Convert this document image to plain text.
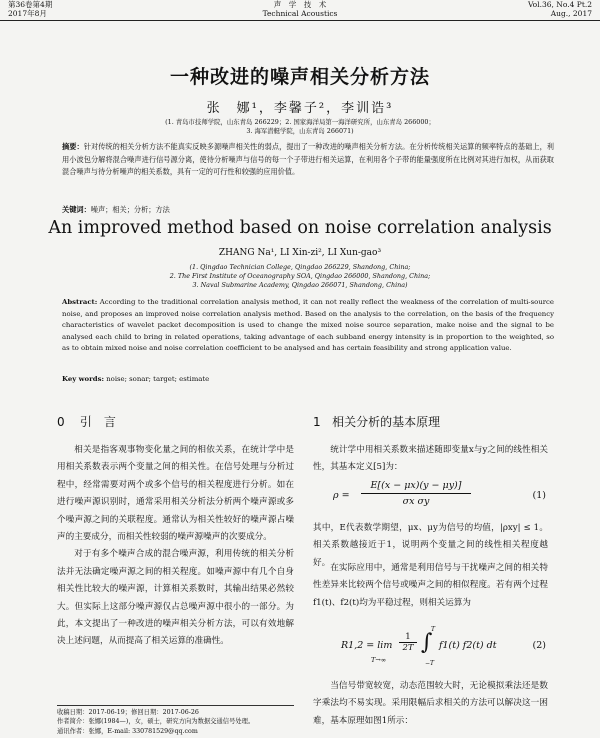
第36卷第4期
2017年8月
声　学　技　术
Technical Acoustics
Vol.36, No.4 Pt.2
Aug., 2017
一种改进的噪声相关分析方法
张　娜¹，李馨子²，李训诰³
(1. 青岛市技师学院，山东青岛 266229；2. 国家海洋局第一海洋研究所，山东青岛 266000；
3. 海军潜艇学院，山东青岛 266071)
摘要：针对传统的相关分析方法不能真实反映多源噪声相关性的弱点，提出了一种改进的噪声相关分析方法。在分析传统相关运算的频率特点的基础上，利用小波包分解将混合噪声进行信号源分离，使待分析噪声与信号的每一个子带进行相关运算，在利用各个子带的能量强度所在比例对其进行加权，从而获取混合噪声与待分析噪声的相关系数，具有一定的可行性和较强的应用价值。
关键词：噪声；相关；分析；方法
An improved method based on noise correlation analysis
ZHANG Na¹, LI Xin-zi², LI Xun-gao³
(1. Qingdao Technician College, Qingdao 266229, Shandong, China;
2. The First Institute of Oceanography SOA, Qingdao 266000, Shandong, China;
3. Naval Submarine Academy, Qingdao 266071, Shandong, China)
Abstract: According to the traditional correlation analysis method, it can not really reflect the weakness of the correlation of multi-source noise, and proposes an improved noise correlation analysis method. Based on the analysis to the correlation, on the basis of the frequency characteristics of wavelet packet decomposition is used to change the mixed noise source separation, make noise and the signal to be analysed each child to bring in related operations, taking advantage of each subband energy intensity is in proportion to the weighted, so as to obtain mixed noise and noise correlation coefficient to be analysed and has certain feasibility and strong application value.
Key words: noise; sonar; target; estimate
0 引　言

相关是指客观事物变化量之间的相依关系，在统计学中是用相关系数表示两个变量之间的相关性。在信号处理与分析过程中，经常需要对两个或多个信号的相关程度进行分析。如在进行噪声源识别时，通常采用相关分析法分析两个噪声源或多个噪声源之间的关联程度。通常认为相关性较好的噪声源占噪声的主要成分，而相关性较弱的噪声源噪声的次要成分。

对于有多个噪声合成的混合噪声源，利用传统的相关分析法并无法确定噪声源之间的相关程度。如噪声源中有几个自身相关性比较大的噪声源，计算相关系数时，其输出结果必然较大。但实际上这部分噪声源仅占总噪声源中很小的一部分。为此，本文提出了一种改进的噪声相关分析方法，可以有效地解决上述问题，从而提高了相关运算的准确性。

1 相关分析的基本原理

统计学中用相关系数来描述随即变量x与y之间的线性相关性，其基本定义[5]为：

$\rho = \frac{E[(x - \mu x)(y - \mu y)]}{\text{σx σy}}$	(1)

其中，E代表数学期望，μx、μy为信号的均值，|ρxy| ≤ 1。相关系数越接近于1，说明两个变量之间的线性相关程度越好。

在实际应用中，通常是利用信号与干扰噪声之间的相关特性差异来比较两个信号或噪声之间的相似程度。若有两个过程f1(t)、f2(t)均为平稳过程，则相关运算为

R1,2 = lim
T→∞
$\frac{1}{2T}$ ∫
T
−T
f1(t) f2(t) dt	(2)

当信号带宽较宽，动态范围较大时，无论模拟乘法还是数字乘法均不易实现。采用限幅后求相关的方法可以解决这一困难，基本原理如图1所示：

收稿日期：2017-06-19；修回日期：2017-06-26
作者简介：张娜(1984—)，女，硕士，研究方向为数据交通信号处理。
通讯作者：张娜，E-mail: 330781529@qq.com
